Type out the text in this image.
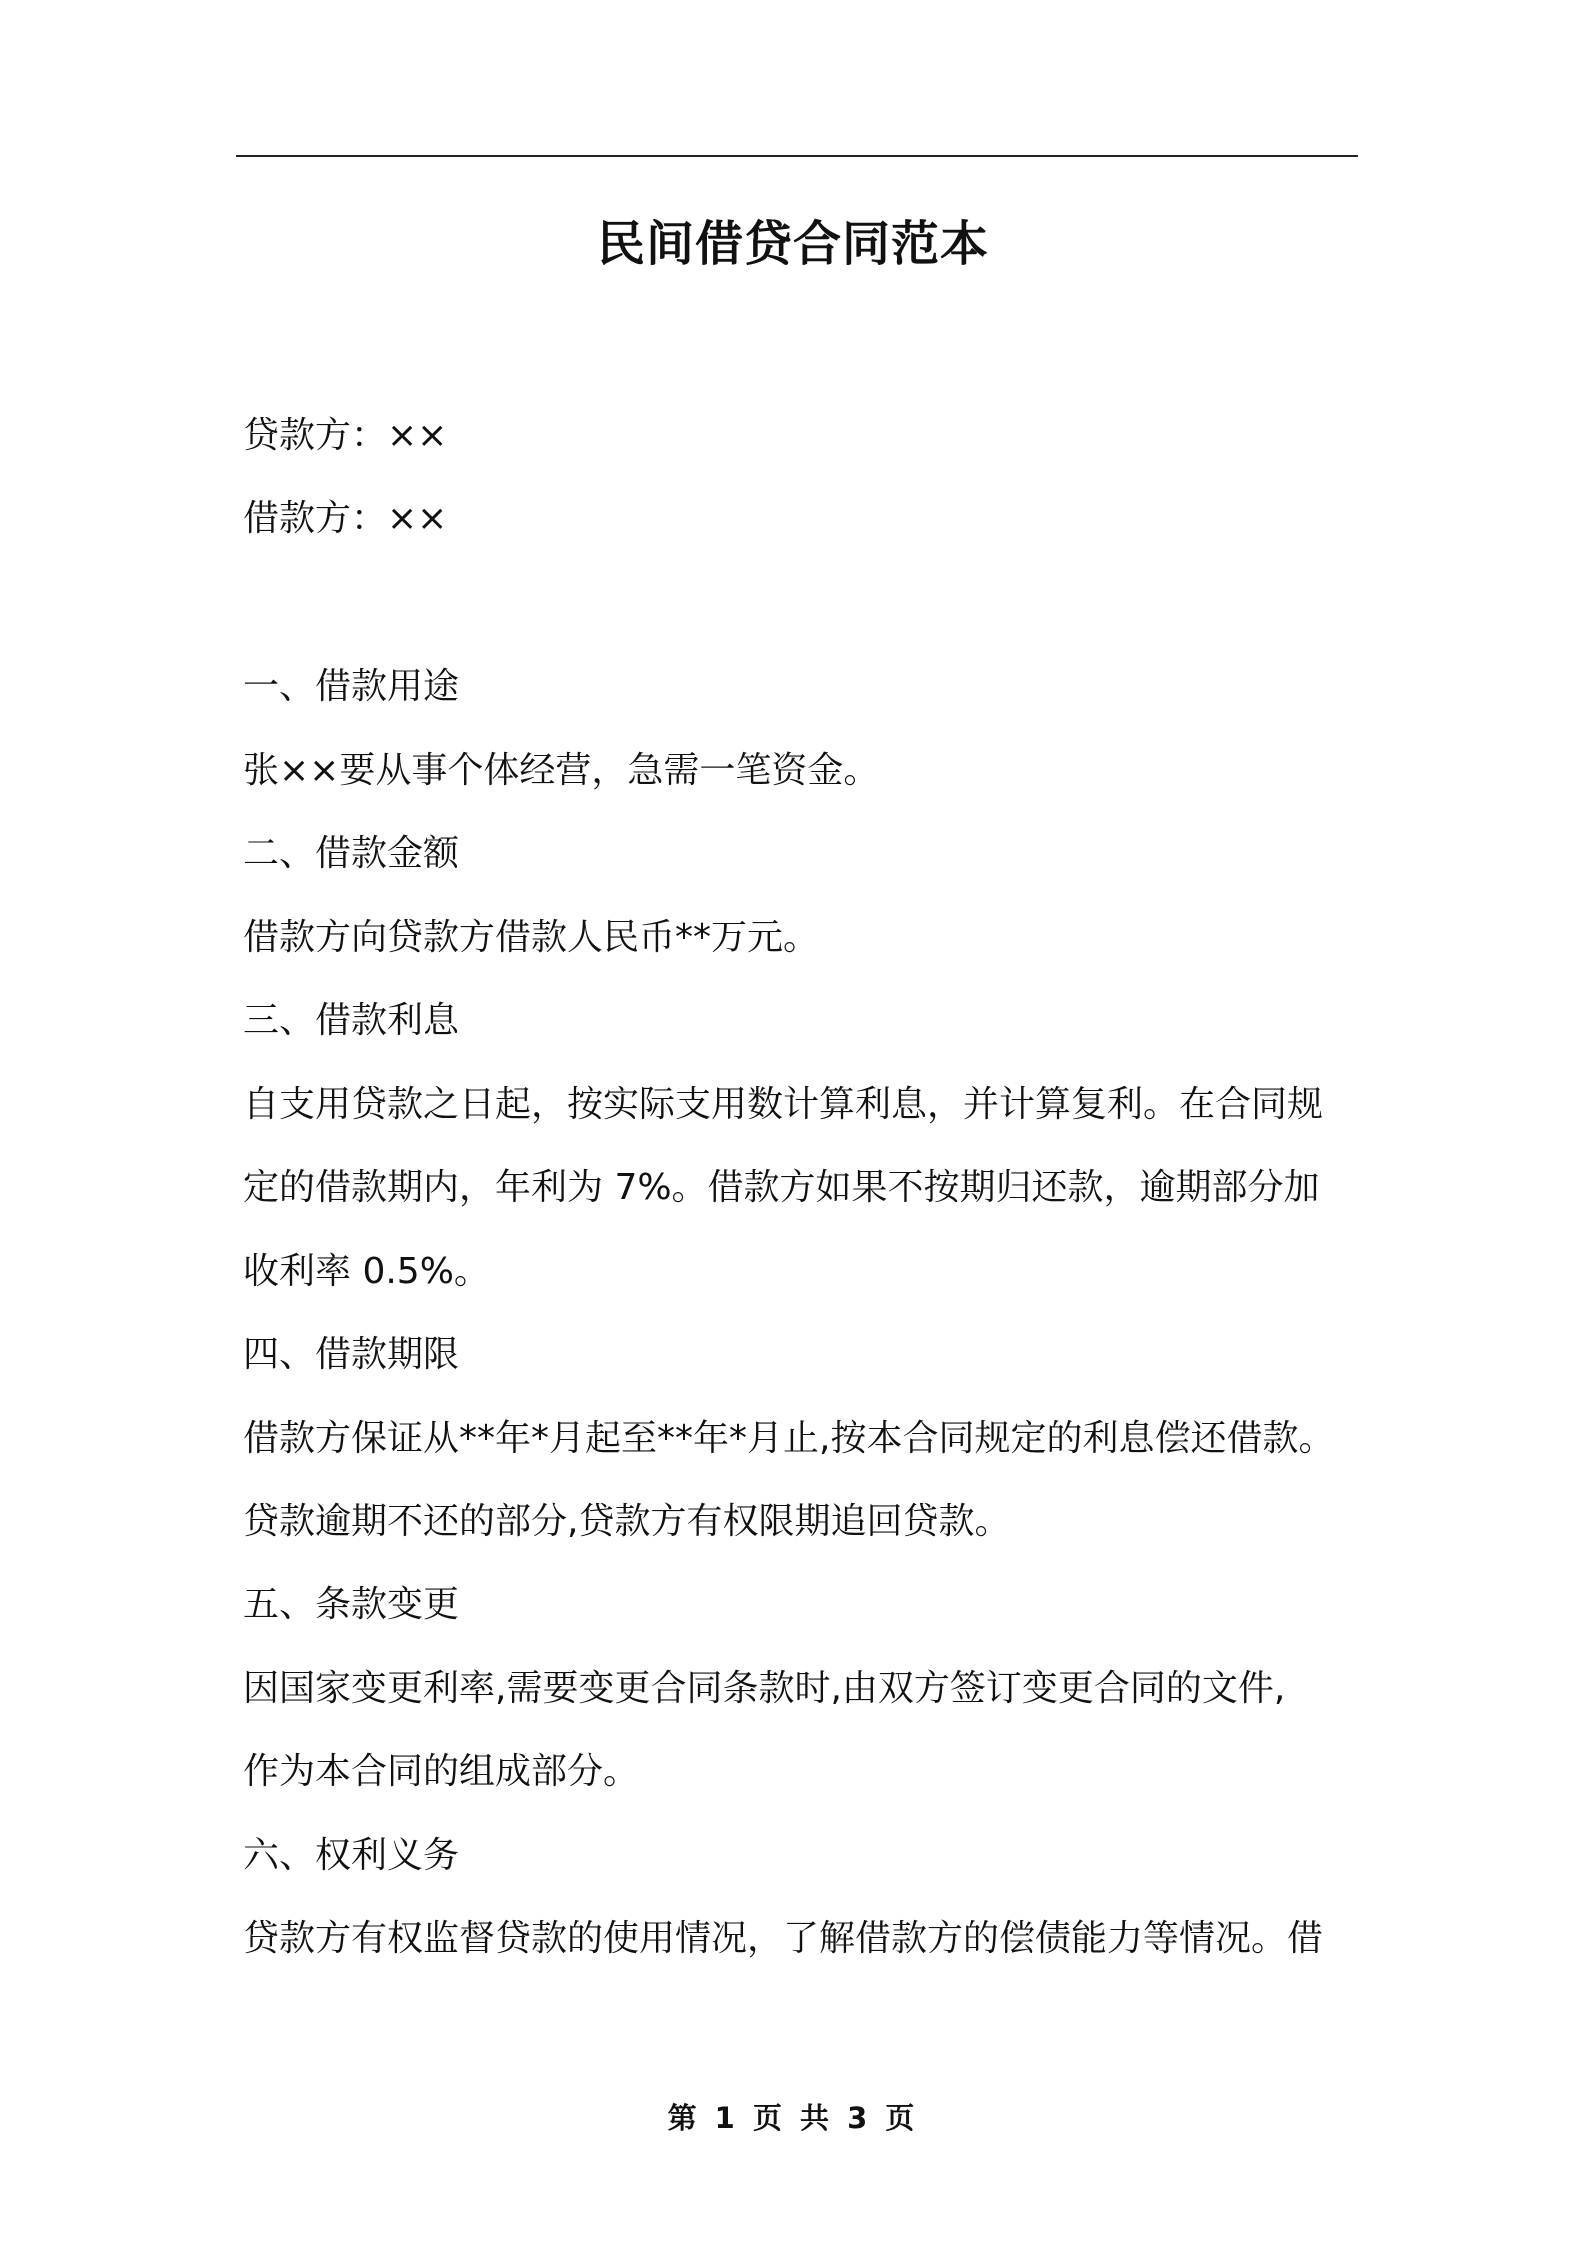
民间借贷合同范本
贷款方：××
借款方：××
一、借款用途
张××要从事个体经营，急需一笔资金。
二、借款金额
借款方向贷款方借款人民币**万元。
三、借款利息
自支用贷款之日起，按实际支用数计算利息，并计算复利。在合同规
定的借款期内，年利为 7%。借款方如果不按期归还款，逾期部分加
收利率 0.5%。
四、借款期限
借款方保证从**年*月起至**年*月止,按本合同规定的利息偿还借款。
贷款逾期不还的部分,贷款方有权限期追回贷款。
五、条款变更
因国家变更利率,需要变更合同条款时,由双方签订变更合同的文件,
作为本合同的组成部分。
六、权利义务
贷款方有权监督贷款的使用情况，了解借款方的偿债能力等情况。借
第 1 页 共 3 页
